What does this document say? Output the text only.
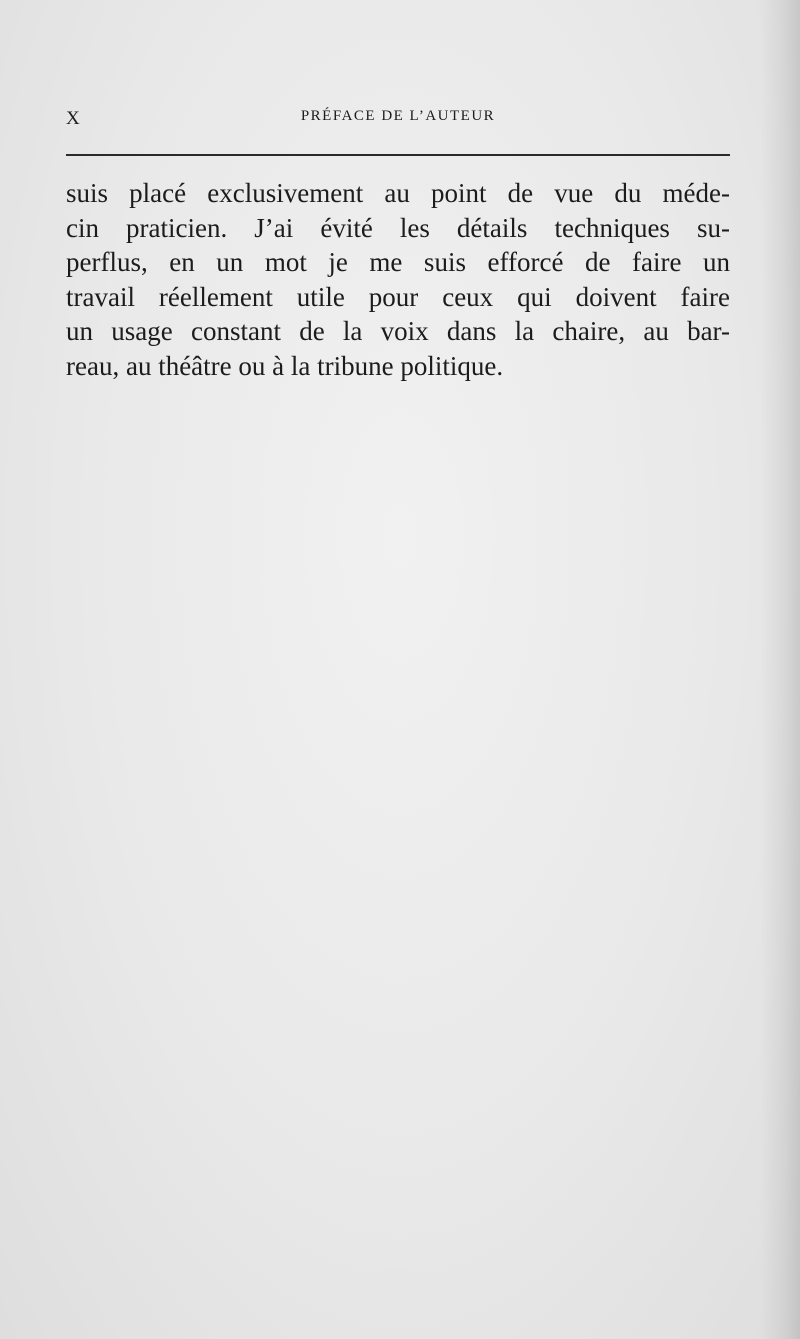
X	PRÉFACE DE L’AUTEUR
suis placé exclusivement au point de vue du méde-
cin praticien. J’ai évité les détails techniques su-
perflus, en un mot je me suis efforcé de faire un
travail réellement utile pour ceux qui doivent faire
un usage constant de la voix dans la chaire, au bar-
reau, au théâtre ou à la tribune politique.
